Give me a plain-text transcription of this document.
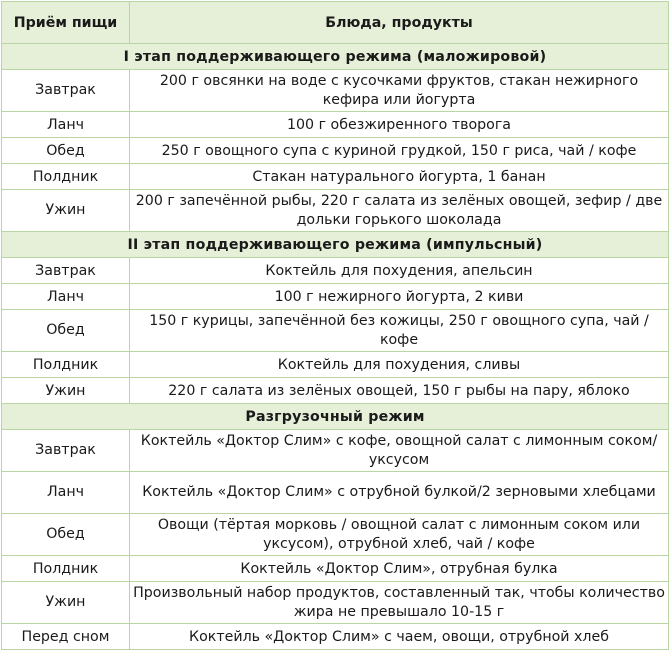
Приём пищи	Блюда, продукты
I этап поддерживающего режима (маложировой)	
Завтрак	200 г овсянки на воде с кусочками фруктов, стакан нежирного кефира или йогурта
Ланч	100 г обезжиренного творога
Обед	250 г овощного супа с куриной грудкой, 150 г риса, чай / кофе
Полдник	Стакан натурального йогурта, 1 банан
Ужин	200 г запечённой рыбы, 220 г салата из зелёных овощей, зефир / две дольки горького шоколада
II этап поддерживающего режима (импульсный)	
Завтрак	Коктейль для похудения, апельсин
Ланч	100 г нежирного йогурта, 2 киви
Обед	150 г курицы, запечённой без кожицы, 250 г овощного супа, чай / кофе
Полдник	Коктейль для похудения, сливы
Ужин	220 г салата из зелёных овощей, 150 г рыбы на пару, яблоко
Разгрузочный режим	
Завтрак	Коктейль «Доктор Слим» с кофе, овощной салат с лимонным соком/уксусом
Ланч	Коктейль «Доктор Слим» с отрубной булкой/2 зерновыми хлебцами
Обед	Овощи (тёртая морковь / овощной салат с лимонным соком или уксусом), отрубной хлеб, чай / кофе
Полдник	Коктейль «Доктор Слим», отрубная булка
Ужин	Произвольный набор продуктов, составленный так, чтобы количество жира не превышало 10-15 г
Перед сном	Коктейль «Доктор Слим» с чаем, овощи, отрубной хлеб
